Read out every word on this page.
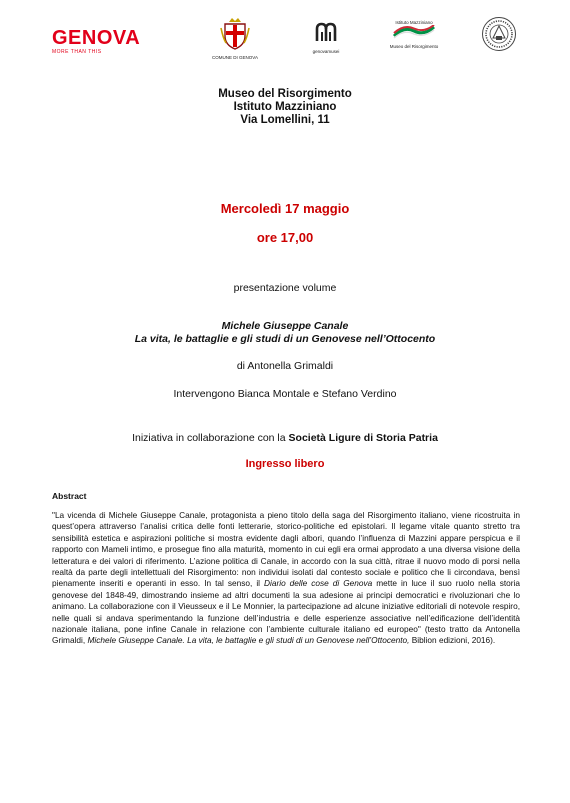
GENOVA
MORE THAN THIS
COMUNE DI GENOVA
genovamusei
Istituto Mazziniano
Museo del Risorgimento
Museo del Risorgimento
Istituto Mazziniano
Via Lomellini, 11
Mercoledì 17 maggio
ore 17,00
presentazione volume
Michele Giuseppe Canale
La vita, le battaglie e gli studi di un Genovese nell’Ottocento
di Antonella Grimaldi
Intervengono Bianca Montale e Stefano Verdino
Iniziativa in collaborazione con la Società Ligure di Storia Patria
Ingresso libero
Abstract

"La vicenda di Michele Giuseppe Canale, protagonista a pieno titolo della saga del Risorgimento italiano, viene ricostruita in quest’opera attraverso l’analisi critica delle fonti letterarie, storico-politiche ed epistolari. Il legame vitale quanto stretto tra sensibilità estetica e aspirazioni politiche si mostra evidente dagli albori, quando l’influenza di Mazzini appare perspicua e il rapporto con Mameli intimo, e prosegue fino alla maturità, momento in cui egli era ormai approdato a una diversa visione della letteratura e dei valori di riferimento. L’azione politica di Canale, in accordo con la sua città, ritrae il nuovo modo di porsi nella realtà da parte degli intellettuali del Risorgimento: non individui isolati dal contesto sociale e politico che li circondava, bensì pienamente inseriti e operanti in esso. In tal senso, il Diario delle cose di Genova mette in luce il suo ruolo nella storia genovese del 1848-49, dimostrando insieme ad altri documenti la sua adesione ai principi democratici e rivoluzionari che lo animano. La collaborazione con il Vieusseux e il Le Monnier, la partecipazione ad alcune iniziative editoriali di notevole respiro, nelle quali si andava sperimentando la funzione dell’industria e delle esperienze associative nell’edificazione dell’identità nazionale italiana, pone infine Canale in relazione con l’ambiente culturale italiano ed europeo" (testo tratto da Antonella Grimaldi, Michele Giuseppe Canale. La vita, le battaglie e gli studi di un Genovese nell’Ottocento, Biblion edizioni, 2016).
